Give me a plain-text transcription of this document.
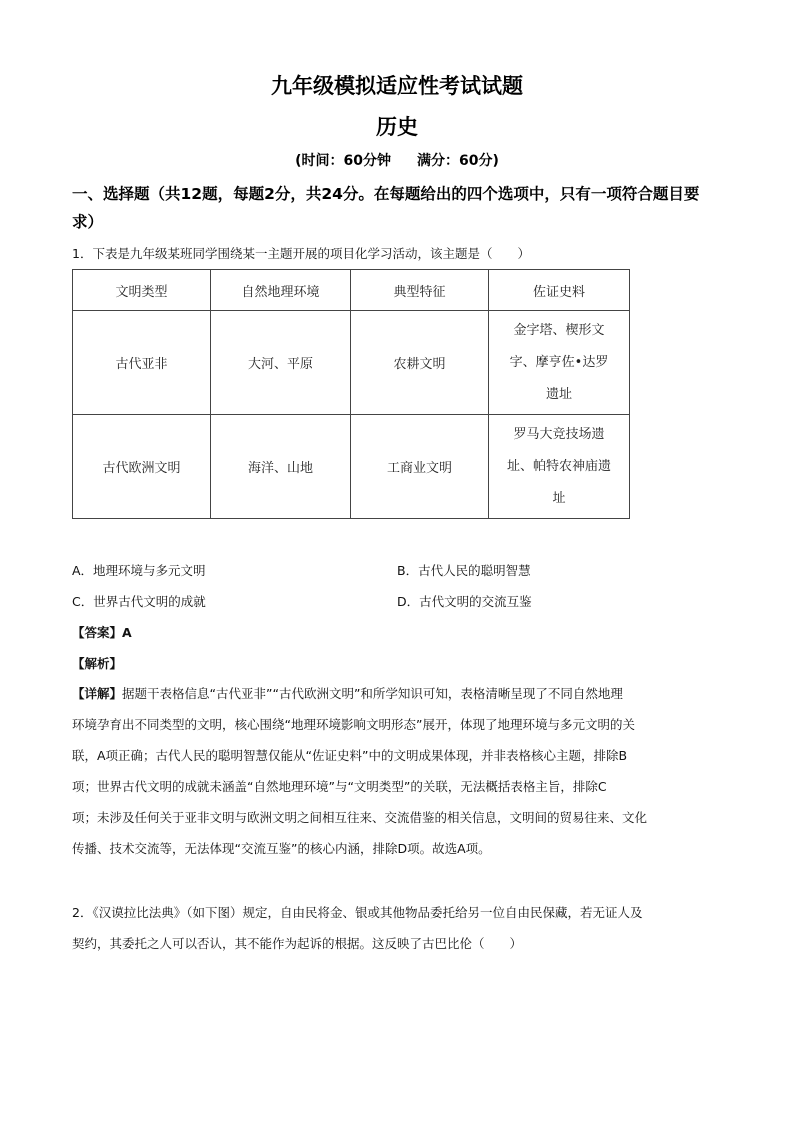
九年级模拟适应性考试试题
历史
(时间：60分钟 满分：60分)
一、选择题（共12题，每题2分，共24分。在每题给出的四个选项中，只有一项符合题目要
求）
1．下表是九年级某班同学围绕某一主题开展的项目化学习活动，该主题是（　　）
文明类型	自然地理环境	典型特征	佐证史料
古代亚非	大河、平原	农耕文明	金字塔、楔形文
字、摩亨佐•达罗
遗址

古代欧洲文明	海洋、山地	工商业文明	罗马大竞技场遗
址、帕特农神庙遗
址
A．地理环境与多元文明	B．古代人民的聪明智慧
C．世界古代文明的成就	D．古代文明的交流互鉴
【答案】A
【解析】
【详解】据题干表格信息“古代亚非”“古代欧洲文明”和所学知识可知，表格清晰呈现了不同自然地理
环境孕育出不同类型的文明，核心围绕“地理环境影响文明形态”展开，体现了地理环境与多元文明的关
联，A项正确；古代人民的聪明智慧仅能从“佐证史料”中的文明成果体现，并非表格核心主题，排除B
项；世界古代文明的成就未涵盖“自然地理环境”与“文明类型”的关联，无法概括表格主旨，排除C
项；未涉及任何关于亚非文明与欧洲文明之间相互往来、交流借鉴的相关信息，文明间的贸易往来、文化
传播、技术交流等，无法体现“交流互鉴”的核心内涵，排除D项。故选A项。
2．《汉谟拉比法典》（如下图）规定，自由民将金、银或其他物品委托给另一位自由民保藏，若无证人及
契约，其委托之人可以否认，其不能作为起诉的根据。这反映了古巴比伦（　　）
